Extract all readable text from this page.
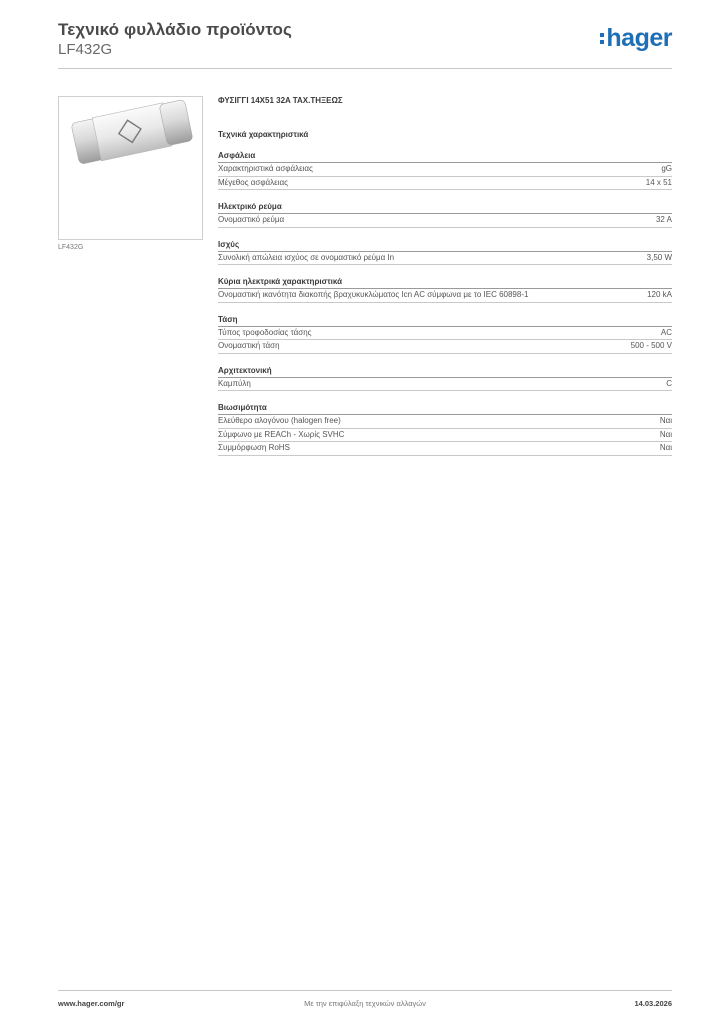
Τεχνικό φυλλάδιο προϊόντος
LF432G	hager
LF432G
ΦΥΣΙΓΓΙ 14X51 32A ΤΑΧ.ΤΗΞΕΩΣ
Τεχνικά χαρακτηριστικά
Ασφάλεια
Χαρακτηριστικά ασφάλειας	gG
Μέγεθος ασφάλειας	14 x 51
Ηλεκτρικό ρεύμα
Ονομαστικό ρεύμα	32 A
Ισχύς
Συνολική απώλεια ισχύος σε ονομαστικό ρεύμα In	3,50 W
Κύρια ηλεκτρικά χαρακτηριστικά
Ονομαστική ικανότητα διακοπής βραχυκυκλώματος Icn AC σύμφωνα με το IEC 60898-1	120 kA
Τάση
Τύπος τροφοδοσίας τάσης	AC
Ονομαστική τάση	500 - 500 V
Αρχιτεκτονική
Καμπύλη	C
Βιωσιμότητα
Ελεύθερο αλογόνου (halogen free)	Ναι
Σύμφωνο με REACh - Χωρίς SVHC	Ναι
Συμμόρφωση RoHS	Ναι
Με την επιφύλαξη τεχνικών αλλαγών
www.hager.com/gr	14.03.2026
